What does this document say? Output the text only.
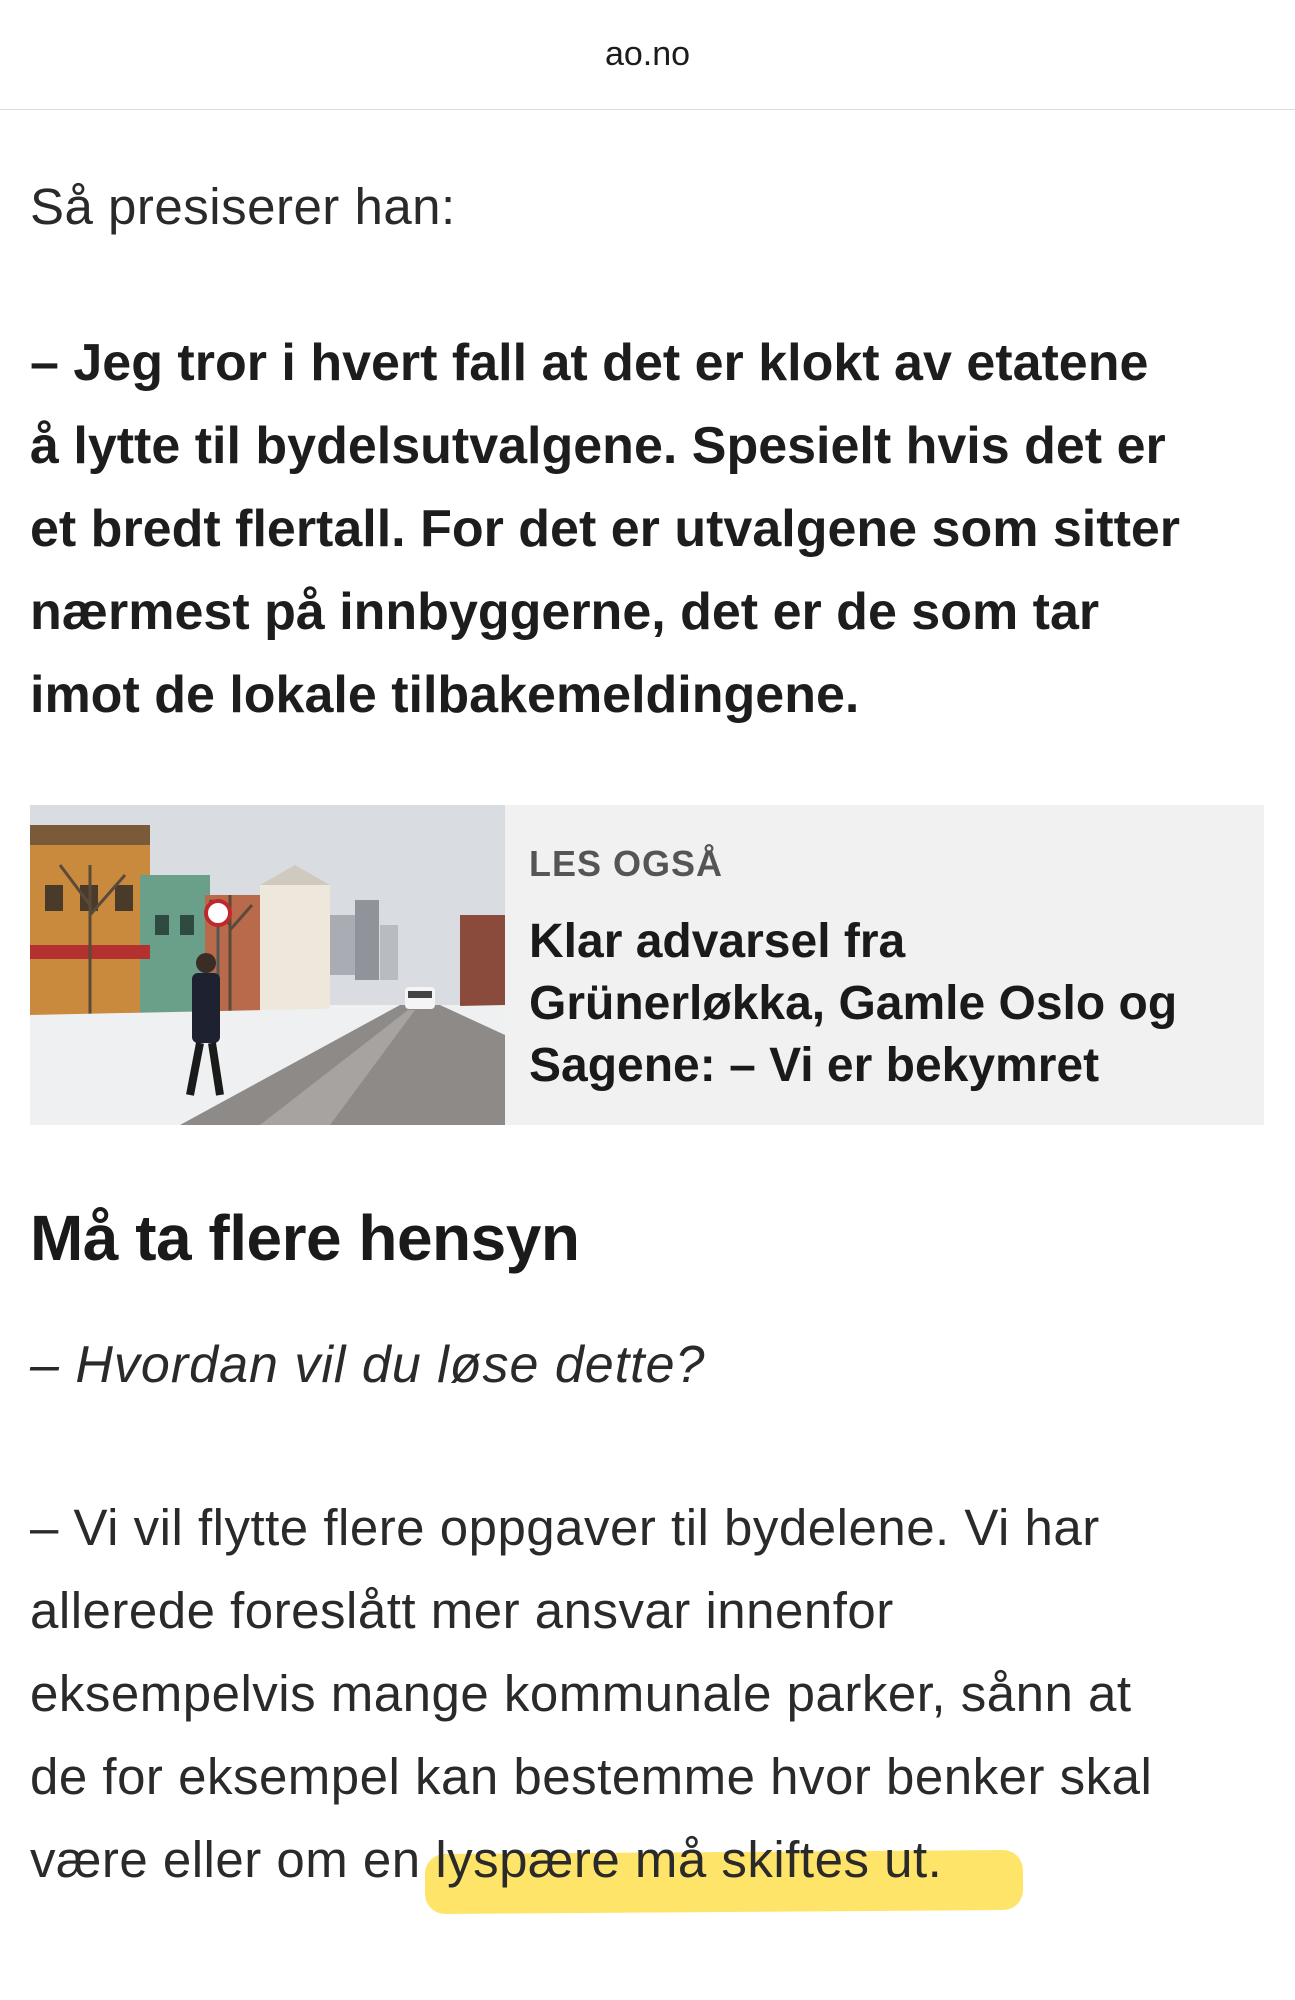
ao.no
Så presiserer han:
– Jeg tror i hvert fall at det er klokt av etatene
å lytte til bydelsutvalgene. Spesielt hvis det er
et bredt flertall. For det er utvalgene som sitter
nærmest på innbyggerne, det er de som tar
imot de lokale tilbakemeldingene.
LES OGSÅ
Klar advarsel fra
Grünerløkka, Gamle Oslo og
Sagene: – Vi er bekymret
Må ta flere hensyn
– Hvordan vil du løse dette?
– Vi vil flytte flere oppgaver til bydelene. Vi har
allerede foreslått mer ansvar innenfor
eksempelvis mange kommunale parker, sånn at
de for eksempel kan bestemme hvor benker skal
være eller om en lyspære må skiftes ut.
